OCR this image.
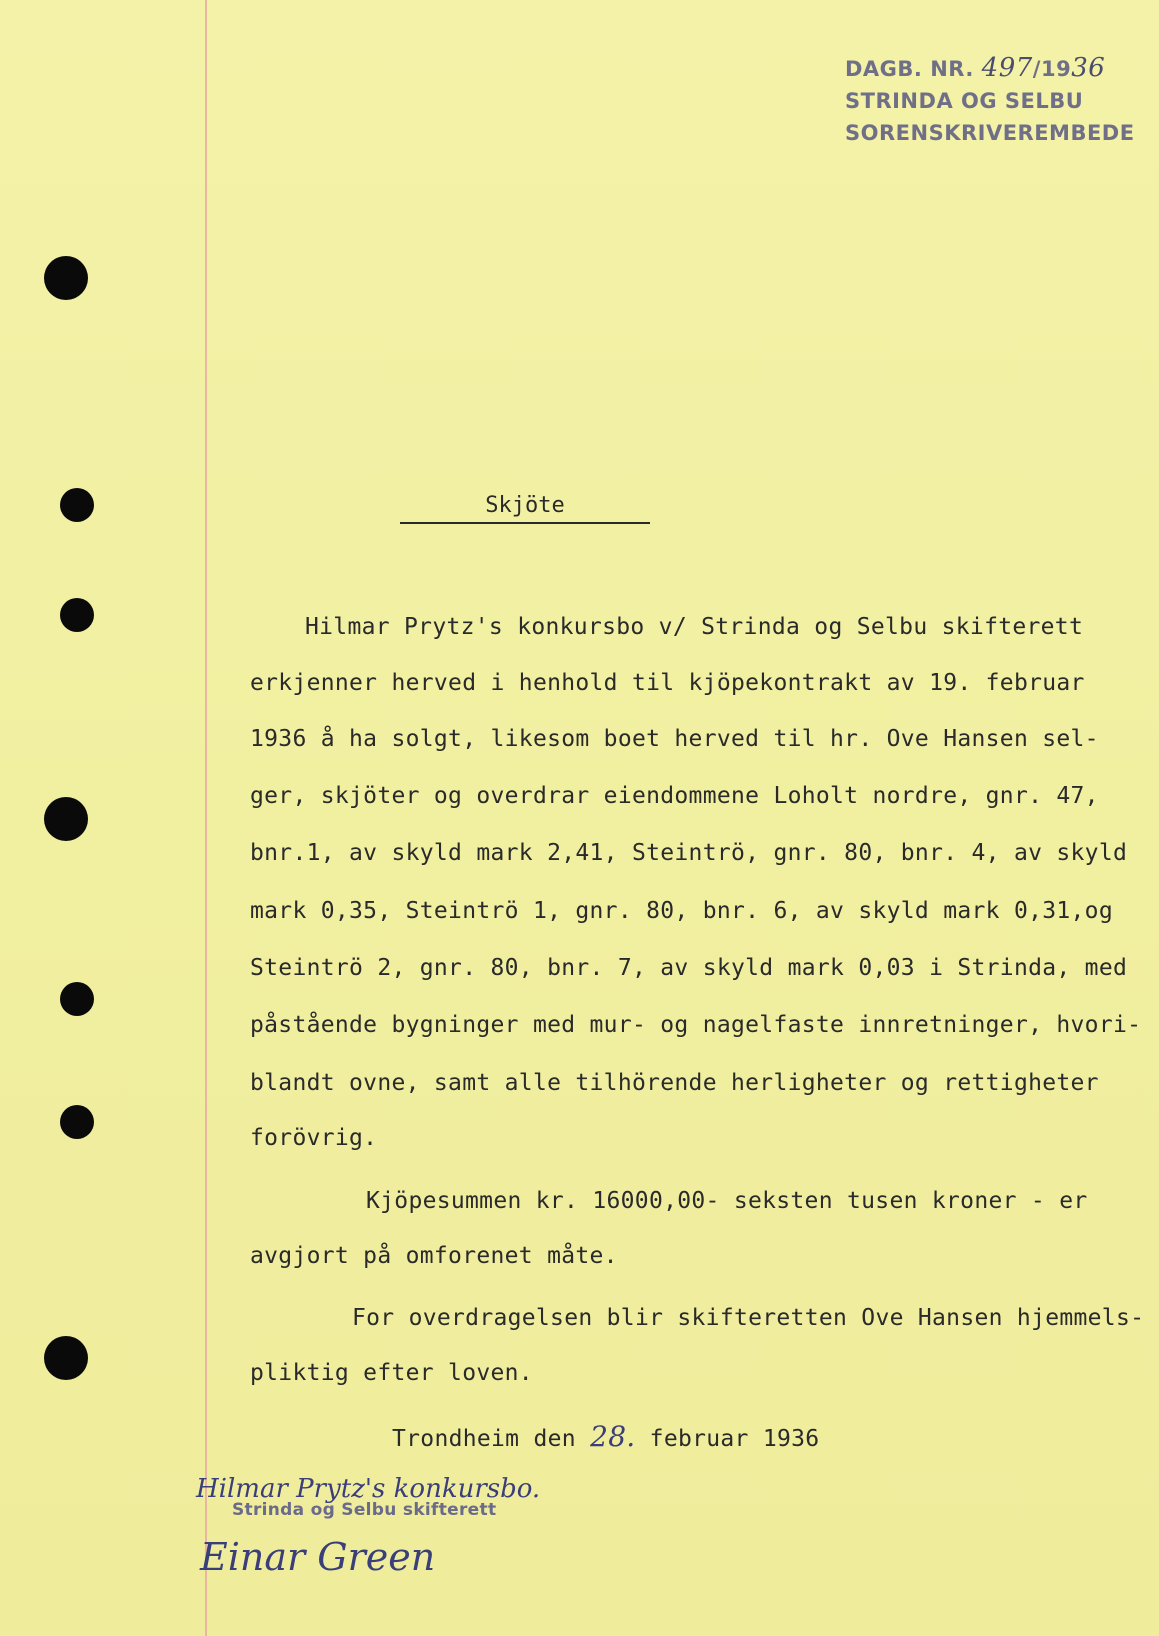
DAGB. NR. 497/1936
STRINDA OG SELBU
SORENSKRIVEREMBEDE
Skjöte
Hilmar Prytz's konkursbo v/ Strinda og Selbu skifterett
erkjenner herved i henhold til kjöpekontrakt av 19. februar
1936 å ha solgt, likesom boet herved til hr. Ove Hansen sel-
ger, skjöter og overdrar eiendommene Loholt nordre, gnr. 47,
bnr.1, av skyld mark 2,41, Steintrö, gnr. 80, bnr. 4, av skyld
mark 0,35, Steintrö 1, gnr. 80, bnr. 6, av skyld mark 0,31,og
Steintrö 2, gnr. 80, bnr. 7, av skyld mark 0,03 i Strinda, med
påstående bygninger med mur- og nagelfaste innretninger, hvori-
blandt ovne, samt alle tilhörende herligheter og rettigheter
forövrig.
Kjöpesummen kr. 16000,00- seksten tusen kroner - er
avgjort på omforenet måte.
For overdragelsen blir skifteretten Ove Hansen hjemmels-
pliktig efter loven.
Trondheim den 28. februar 1936
Hilmar Prytz's konkursbo.
Strinda og Selbu skifterett
Einar Green
